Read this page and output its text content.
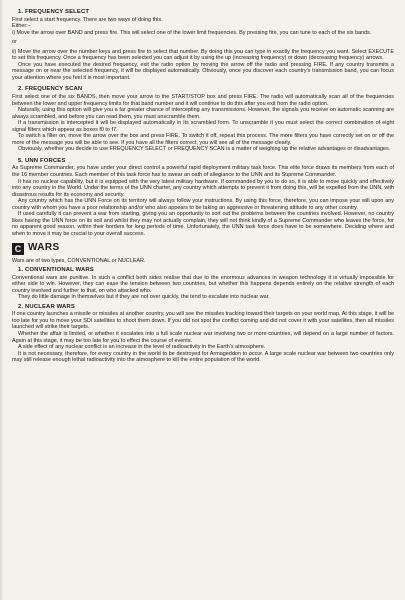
1. FREQUENCY SELECT

First select a start frequency. There are two ways of doing this.

Either:–

i) Move the arrow over BAND and press fire. This will select one of the lower limit frequencies. By pressing fire, you can tune to each of the six bands.

or

ii) Move the arrow over the number keys and press fire to select that number. By doing this you can type in exactly the frequency you want. Select EXECUTE to set this frequency. Once a frequency has been selected you can adjust it by using the up (increasing frequency) or down (decreasing frequency) arrows.

Once you have executed the desired frequency, exit the radio option by moving the arrow off the radio and pressing FIRE. If any country transmits a message on or near the selected frequency, it will be displayed automatically. Obviously, once you discover each country's transmission band, you can focus your attention where you feel it is most important.

2. FREQUENCY SCAN

First select one of the six BANDS, then move your arrow to the START/STOP box and press FIRE. The radio will automatically scan all of the frequencies between the lower and upper frequency limits for that band number and it will continue to do this after you exit from the radio option.

Naturally, using this option will give you a far greater chance of intercepting any transmissions. However, the signals you receive on automatic scanning are always scrambled, and before you can read them, you must unscramble them.

If a transmission is intercepted it will be displayed automatically in its scrambled form. To unscramble it you must select the correct combination of eight signal filters which appear as boxes f0 to f7.

To switch a filter on, move the arrow over the box and press FIRE. To switch it off, repeat this process. The more filters you have correctly set on or off the more of the message you will be able to see. If you have all the filters correct, you will see all of the message clearly.

Obviously, whether you decide to use FREQUENCY SELECT or FREQUENCY SCAN is a matter of weighing up the relative advantages or disadvantages.

5. UNN FORCES

As Supreme Commander, you have under your direct control a powerful rapid deployment military task force. This elite force draws its members from each of the 16 member countries. Each member of this task force has to swear an oath of allegiance to the UNN and its Supreme Commander.

It has no nuclear capability, but it is equipped with the very latest military hardware. If commanded by you to do so, it is able to move quickly and effectively into any country in the World. Under the terms of the UNN charter, any country which attempts to prevent it from doing this, will be expelled from the UNN, with disastrous results for its economy and security.

Any country which has the UNN Force on its territory will always follow your instructions. By using this force, therefore, you can impose your will upon any country with whom you have a poor relationship and/or who also appears to be taking an aggressive or threatening attitude to any other country.

If used carefully it can prevent a war from starting, giving you an opportunity to sort out the problems between the countries involved. However, no country likes having the UNN force on its soil and whilst they may not actually complain, they will not think kindly of a Supreme Commander who leaves the force, for no apparent good reason, within their borders for long periods of time. Unfortunately, the UNN task force does have to be somewhere. Deciding where and when to move it may be crucial to your overall success.

C WARS

Wars are of two types, CONVENTIONAL or NUCLEAR.

1. CONVENTIONAL WARS

Conventional wars are punitive. In such a conflict both sides realise that due to the enormous advances in weapon technology it is virtually impossible for either side to win. However, they can ease the tension between two countries, but whether this happens depends entirely on the relative strength of each country involved and further to that, on who attacked who.

They do little damage in themselves but if they are not over quickly, the tend to escalate into nuclear war.

2. NUCLEAR WARS

If one country launches a missile or missiles at another country, you will see the missiles tracking toward their targets on your world map. At this stage, it will be too late for you to move your SDI satellites to shoot them down. If you did not spot the conflict coming and did not cover it with your satellites, then all missiles launched will strike their targets.

Whether the affair is limited, or whether it escalates into a full scale nuclear war involving two or more countries, will depend on a large number of factors. Again at this stage, it may be too late for you to effect the course of events.

A side effect of any nuclear conflict is an increase in the level of radioactivity in the Earth's atmosphere.

It is not necessary, therefore, for every country in the world to be destroyed for Armageddon to occur. A large scale nuclear war between two countries only may still release enough lethal radioactivity into the atmosphere to kill the entire population of the world.
